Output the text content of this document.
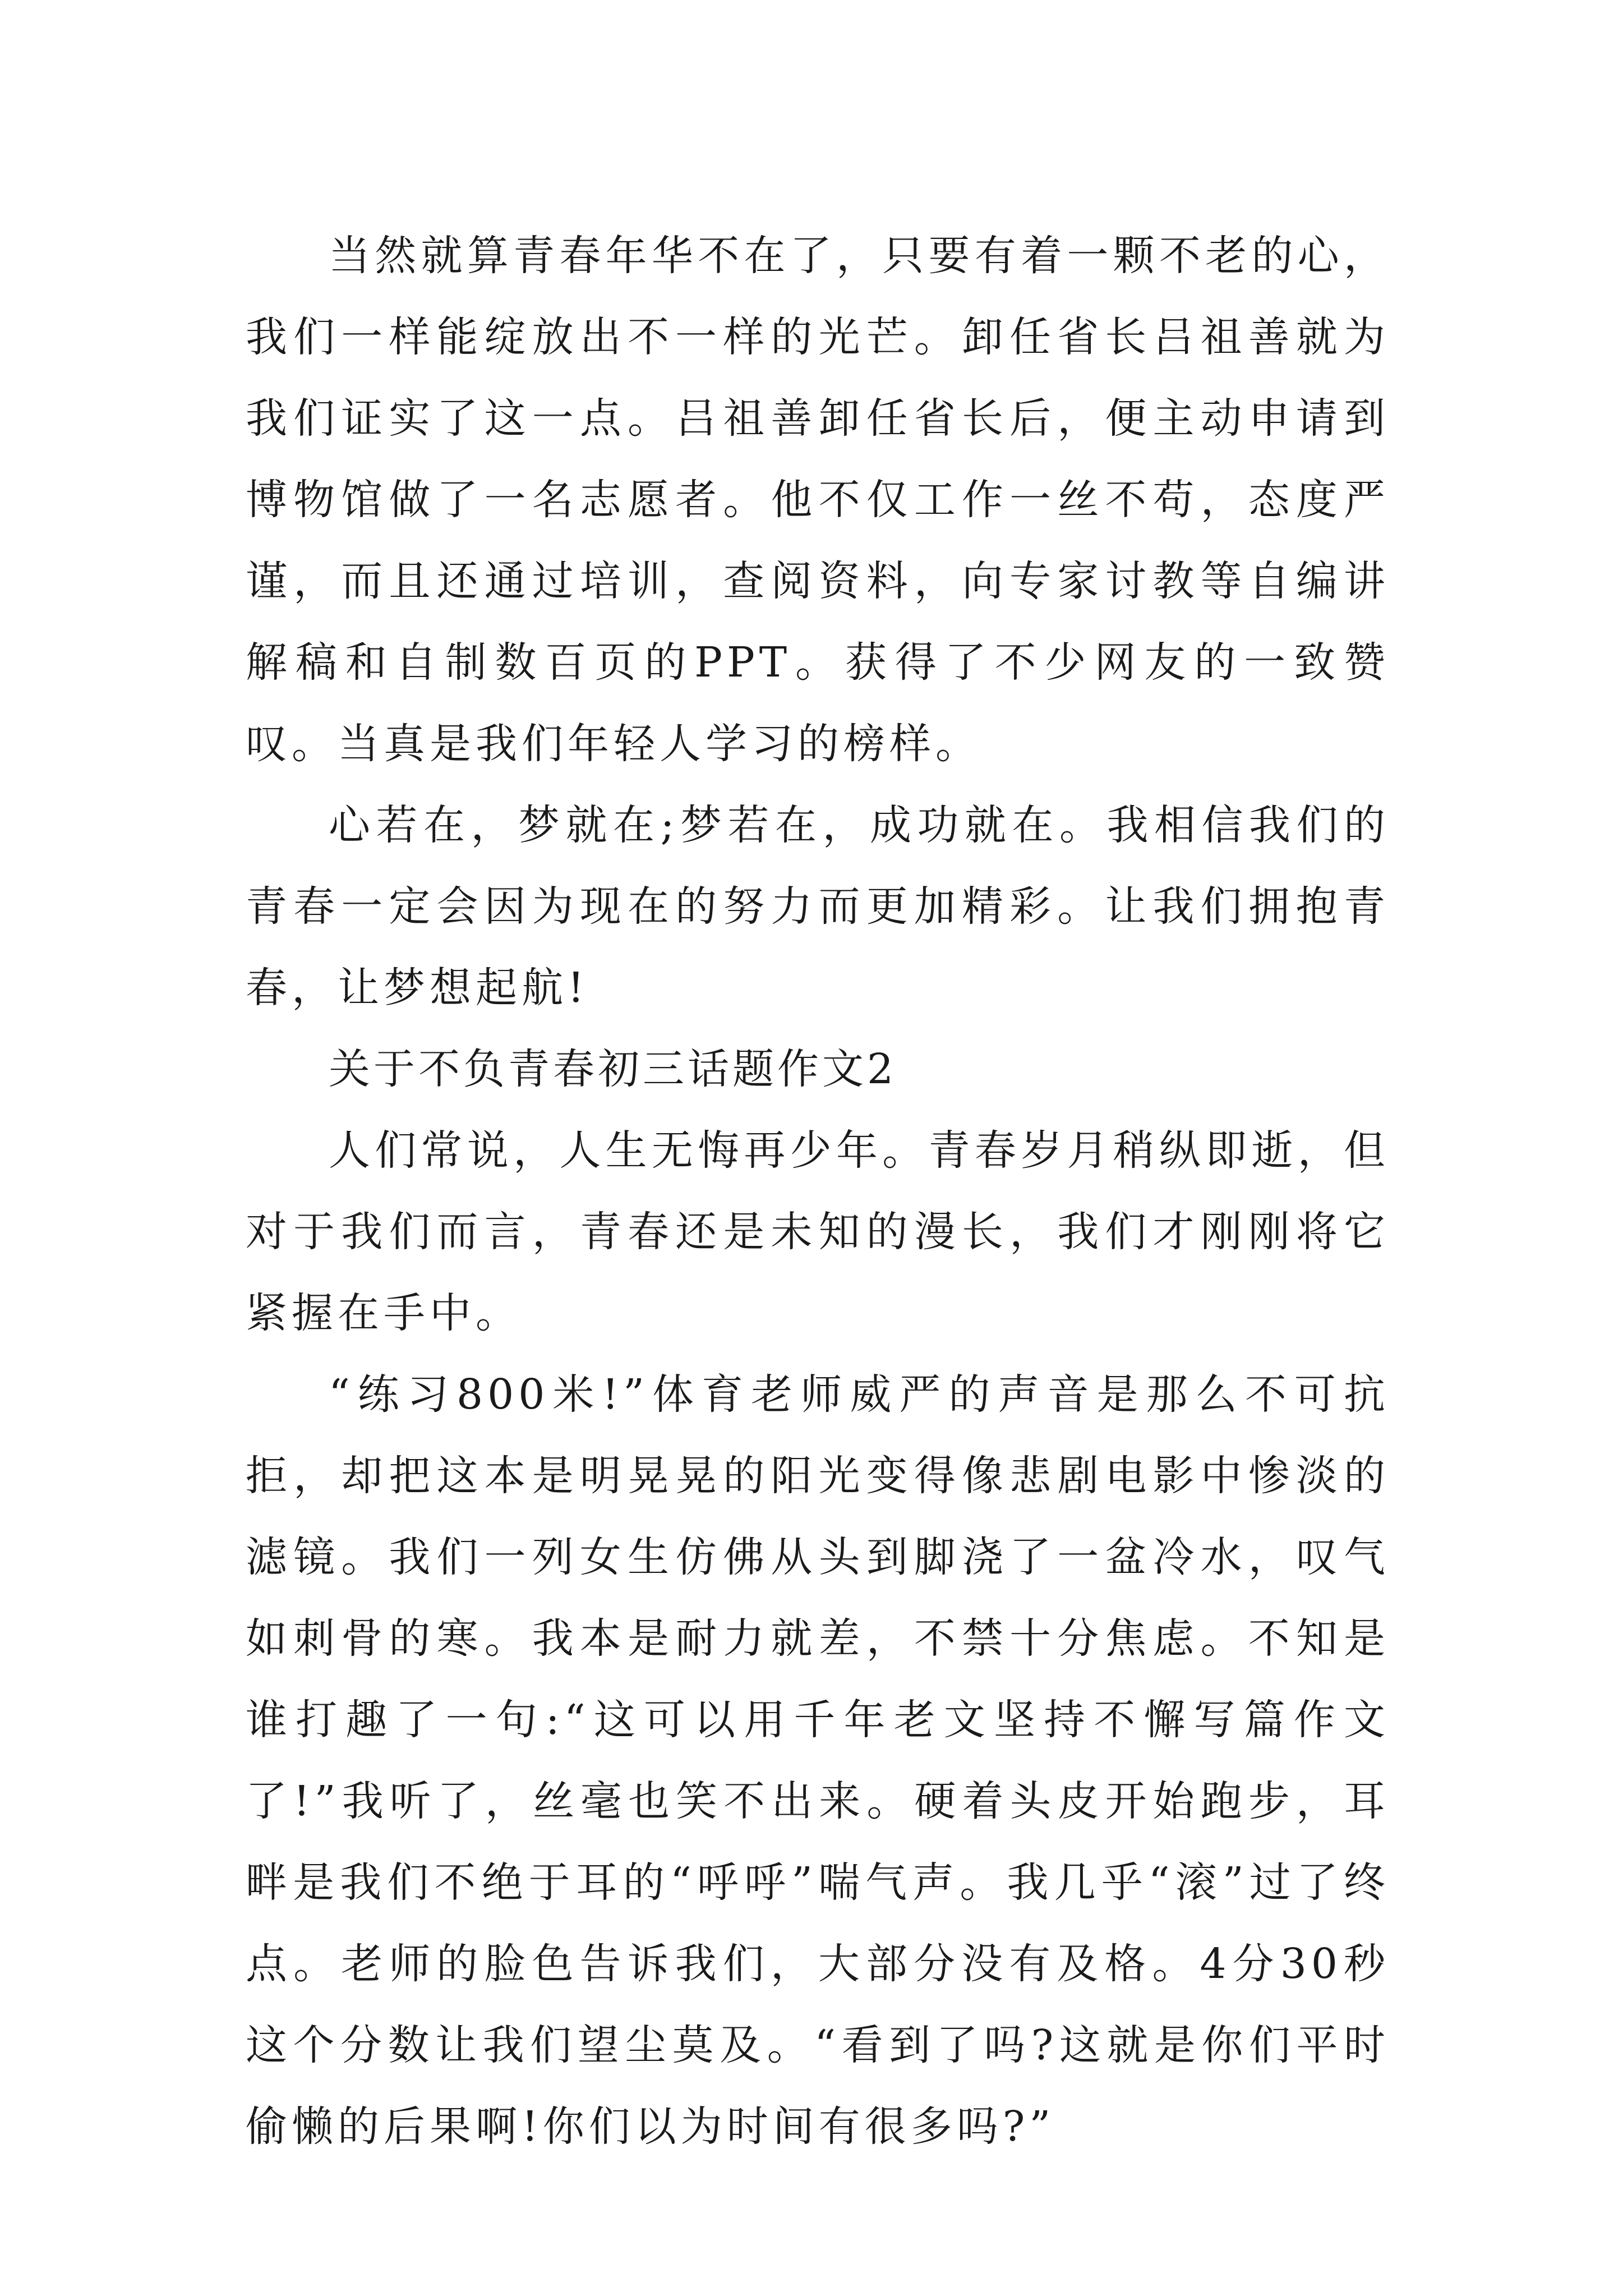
当然就算青春年华不在了，只要有着一颗不老的心，我们一样能绽放出不一样的光芒。卸任省长吕祖善就为我们证实了这一点。吕祖善卸任省长后，便主动申请到博物馆做了一名志愿者。他不仅工作一丝不苟，态度严谨，而且还通过培训，查阅资料，向专家讨教等自编讲解稿和自制数百页的PPT。获得了不少网友的一致赞叹。当真是我们年轻人学习的榜样。

心若在，梦就在;梦若在，成功就在。我相信我们的青春一定会因为现在的努力而更加精彩。让我们拥抱青春，让梦想起航!

关于不负青春初三话题作文2

人们常说，人生无悔再少年。青春岁月稍纵即逝，但对于我们而言，青春还是未知的漫长，我们才刚刚将它紧握在手中。

“练习800米!”体育老师威严的声音是那么不可抗拒，却把这本是明晃晃的阳光变得像悲剧电影中惨淡的滤镜。我们一列女生仿佛从头到脚浇了一盆冷水，叹气如刺骨的寒。我本是耐力就差，不禁十分焦虑。不知是谁打趣了一句:“这可以用千年老文坚持不懈写篇作文了!”我听了，丝毫也笑不出来。硬着头皮开始跑步，耳畔是我们不绝于耳的“呼呼”喘气声。我几乎“滚”过了终点。老师的脸色告诉我们，大部分没有及格。4分30秒这个分数让我们望尘莫及。“看到了吗?这就是你们平时偷懒的后果啊!你们以为时间有很多吗?”
